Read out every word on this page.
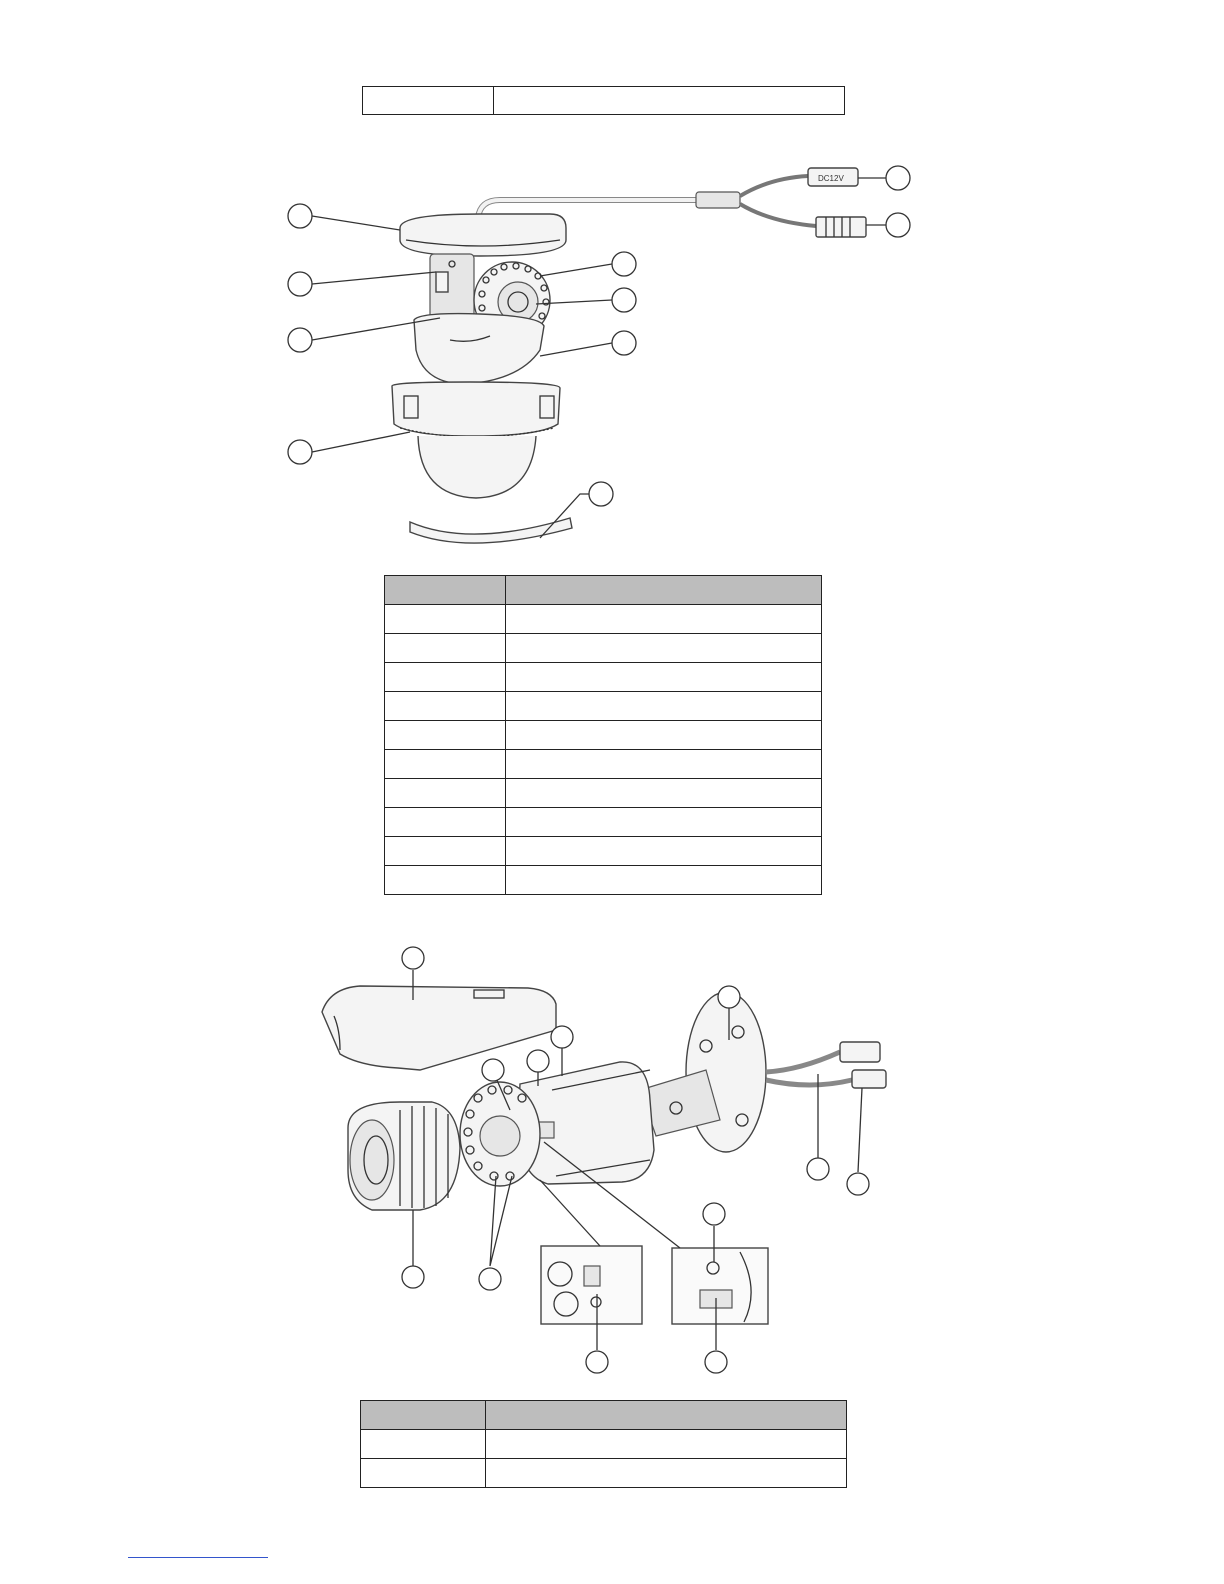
DC12V
